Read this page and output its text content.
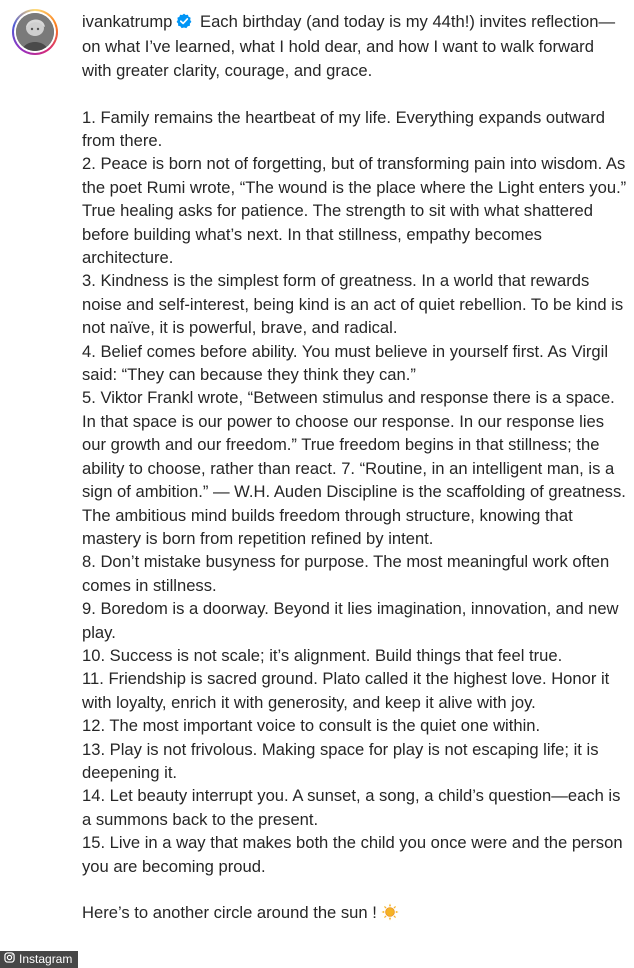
ivankatrump Each birthday (and today is my 44th!) invites reflection—on what I’ve learned, what I hold dear, and how I want to walk forward with greater clarity, courage, and grace.

1. Family remains the heartbeat of my life. Everything expands outward from there.

2. Peace is born not of forgetting, but of transforming pain into wisdom. As the poet Rumi wrote, “The wound is the place where the Light enters you.” True healing asks for patience. The strength to sit with what shattered before building what’s next. In that stillness, empathy becomes architecture.

3. Kindness is the simplest form of greatness. In a world that rewards noise and self-interest, being kind is an act of quiet rebellion. To be kind is not naïve, it is powerful, brave, and radical.

4. Belief comes before ability. You must believe in yourself first. As Virgil said: “They can because they think they can.”

5. Viktor Frankl wrote, “Between stimulus and response there is a space. In that space is our power to choose our response. In our response lies our growth and our freedom.” True freedom begins in that stillness; the ability to choose, rather than react. 7. “Routine, in an intelligent man, is a sign of ambition.” — W.H. Auden Discipline is the scaffolding of greatness. The ambitious mind builds freedom through structure, knowing that mastery is born from repetition refined by intent.

8. Don’t mistake busyness for purpose. The most meaningful work often comes in stillness.

9. Boredom is a doorway. Beyond it lies imagination, innovation, and new play.

10. Success is not scale; it’s alignment. Build things that feel true.

11. Friendship is sacred ground. Plato called it the highest love. Honor it with loyalty, enrich it with generosity, and keep it alive with joy.

12. The most important voice to consult is the quiet one within.

13. Play is not frivolous. Making space for play is not escaping life; it is deepening it.

14. Let beauty interrupt you. A sunset, a song, a child’s question—each is a summons back to the present.

15. Live in a way that makes both the child you once were and the person you are becoming proud.

Here’s to another circle around the sun !

Instagram
